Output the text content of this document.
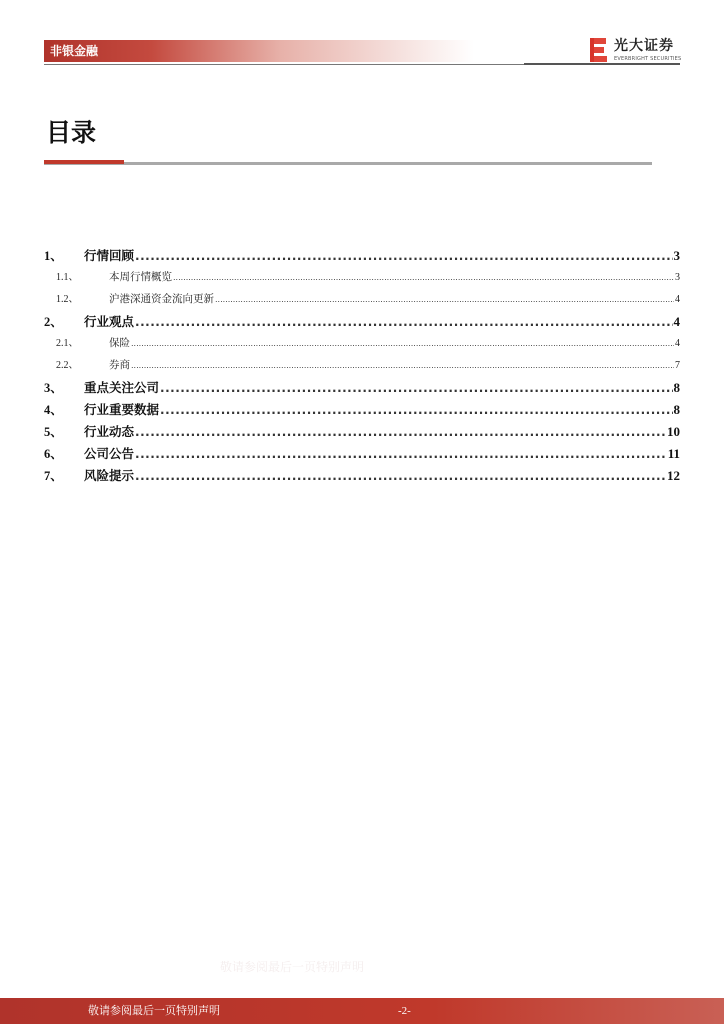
非银金融	光大证券
EVERBRIGHT SECURITIES
目录
1、	行情回顾 .....	3
1.1、	本周行情概览 .....	3
1.2、	沪港深通资金流向更新 .....	4
2、	行业观点 .....	4
2.1、	保险 .....	4
2.2、	券商 .....	7
3、	重点关注公司 .....	8
4、	行业重要数据 .....	8
5、	行业动态 .....	10
6、	公司公告 .....	11
7、	风险提示 .....	12
敬请参阅最后一页特别声明
敬请参阅最后一页特别声明	-2-
